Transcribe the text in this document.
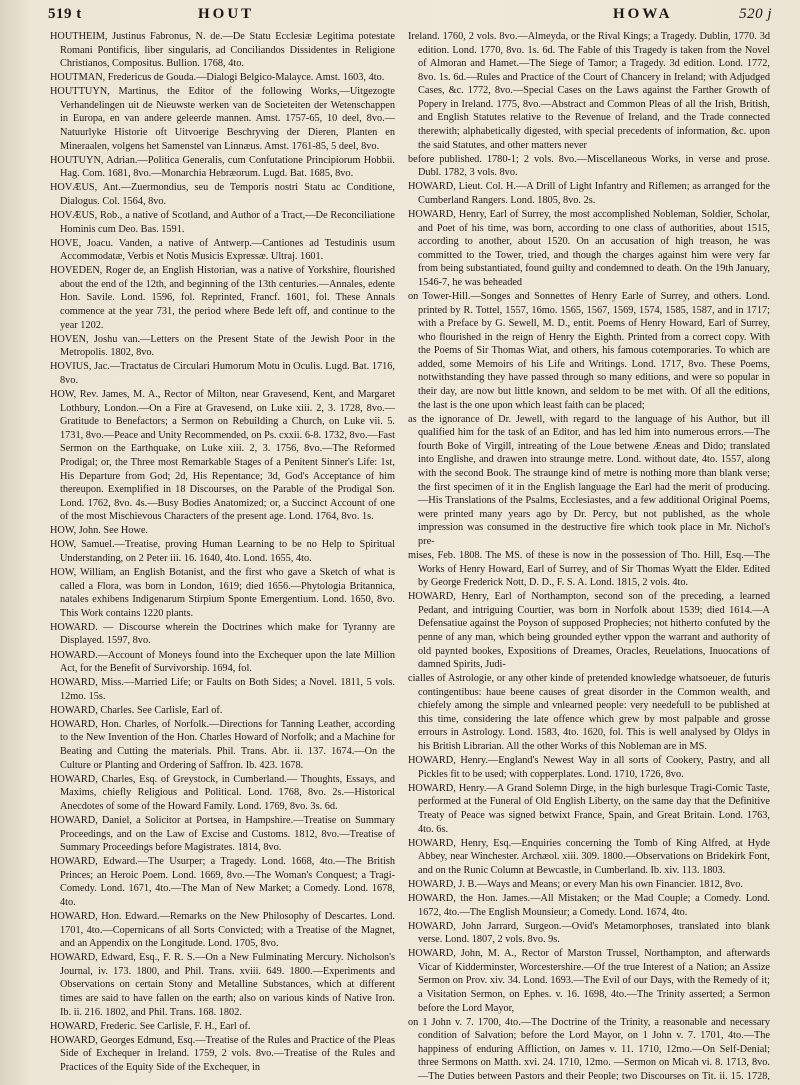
519 t	HOUT	HOWA	520 j

HOUTHEIM, Justinus Fabronus, N. de.—De Statu Ecclesiæ Legitima potestate Romani Pontificis, liber singularis, ad Conciliandos Dissidentes in Religione Christianos, Compositus. Bullion. 1768, 4to.

HOUTMAN, Fredericus de Gouda.—Dialogi Belgico-Malayce. Amst. 1603, 4to.

HOUTTUYN, Martinus, the Editor of the following Works,—Uitgezogte Verhandelingen uit de Nieuwste werken van de Societeiten der Wetenschappen in Europa, en van andere geleerde mannen. Amst. 1757-65, 10 deel, 8vo.—Natuurlyke Historie oft Uitvoerige Beschryving der Dieren, Planten en Mineraalen, volgens het Samenstel van Linnæus. Amst. 1761-85, 5 deel, 8vo.

HOUTUYN, Adrian.—Politica Generalis, cum Confutatione Principiorum Hobbii. Hag. Com. 1681, 8vo.—Monarchia Hebræorum. Lugd. Bat. 1685, 8vo.

HOVÆUS, Ant.—Zuermondius, seu de Temporis nostri Statu ac Conditione, Dialogus. Col. 1564, 8vo.

HOVÆUS, Rob., a native of Scotland, and Author of a Tract,—De Reconciliatione Hominis cum Deo. Bas. 1591.

HOVE, Joacu. Vanden, a native of Antwerp.—Cantiones ad Testudinis usum Accommodatæ, Verbis et Notis Musicis Expressæ. Ultraj. 1601.

HOVEDEN, Roger de, an English Historian, was a native of Yorkshire, flourished about the end of the 12th, and beginning of the 13th centuries.—Annales, edente Hon. Savile. Lond. 1596, fol. Reprinted, Francf. 1601, fol. These Annals commence at the year 731, the period where Bede left off, and continue to the year 1202.

HOVEN, Joshu van.—Letters on the Present State of the Jewish Poor in the Metropolis. 1802, 8vo.

HOVIUS, Jac.—Tractatus de Circulari Humorum Motu in Oculis. Lugd. Bat. 1716, 8vo.

HOW, Rev. James, M. A., Rector of Milton, near Gravesend, Kent, and Margaret Lothbury, London.—On a Fire at Gravesend, on Luke xiii. 2, 3. 1728, 8vo.—Gratitude to Benefactors; a Sermon on Rebuilding a Church, on Luke vii. 5. 1731, 8vo.—Peace and Unity Recommended, on Ps. cxxii. 6-8. 1732, 8vo.—Fast Sermon on the Earthquake, on Luke xiii. 2, 3. 1756, 8vo.—The Reformed Prodigal; or, the Three most Remarkable Stages of a Penitent Sinner's Life: 1st, His Departure from God; 2d, His Repentance; 3d, God's Acceptance of him thereupon. Exemplified in 18 Discourses, on the Parable of the Prodigal Son. Lond. 1762, 8vo. 4s.—Busy Bodies Anatomized; or, a Succinct Account of one of the most Mischievous Characters of the present age. Lond. 1764, 8vo. 1s.

HOW, John. See Howe.

HOW, Samuel.—Treatise, proving Human Learning to be no Help to Spiritual Understanding, on 2 Peter iii. 16. 1640, 4to. Lond. 1655, 4to.

HOW, William, an English Botanist, and the first who gave a Sketch of what is called a Flora, was born in London, 1619; died 1656.—Phytologia Britannica, natales exhibens Indigenarum Stirpium Sponte Emergentium. Lond. 1650, 8vo. This Work contains 1220 plants.

HOWARD. — Discourse wherein the Doctrines which make for Tyranny are Displayed. 1597, 8vo.

HOWARD.—Account of Moneys found into the Exchequer upon the late Million Act, for the Benefit of Survivorship. 1694, fol.

HOWARD, Miss.—Married Life; or Faults on Both Sides; a Novel. 1811, 5 vols. 12mo. 15s.

HOWARD, Charles. See Carlisle, Earl of.

HOWARD, Hon. Charles, of Norfolk.—Directions for Tanning Leather, according to the New Invention of the Hon. Charles Howard of Norfolk; and a Machine for Beating and Cutting the materials. Phil. Trans. Abr. ii. 137. 1674.—On the Culture or Planting and Ordering of Saffron. Ib. 423. 1678.

HOWARD, Charles, Esq. of Greystock, in Cumberland.— Thoughts, Essays, and Maxims, chiefly Religious and Political. Lond. 1768, 8vo. 2s.—Historical Anecdotes of some of the Howard Family. Lond. 1769, 8vo. 3s. 6d.

HOWARD, Daniel, a Solicitor at Portsea, in Hampshire.—Treatise on Summary Proceedings, and on the Law of Excise and Customs. 1812, 8vo.—Treatise of Summary Proceedings before Magistrates. 1814, 8vo.

HOWARD, Edward.—The Usurper; a Tragedy. Lond. 1668, 4to.—The British Princes; an Heroic Poem. Lond. 1669, 8vo.—The Woman's Conquest; a Tragi-Comedy. Lond. 1671, 4to.—The Man of New Market; a Comedy. Lond. 1678, 4to.

HOWARD, Hon. Edward.—Remarks on the New Philosophy of Descartes. Lond. 1701, 4to.—Copernicans of all Sorts Convicted; with a Treatise of the Magnet, and an Appendix on the Longitude. Lond. 1705, 8vo.

HOWARD, Edward, Esq., F. R. S.—On a New Fulminating Mercury. Nicholson's Journal, iv. 173. 1800, and Phil. Trans. xviii. 649. 1800.—Experiments and Observations on certain Stony and Metalline Substances, which at different times are said to have fallen on the earth; also on various kinds of Native Iron. Ib. ii. 216. 1802, and Phil. Trans. 168. 1802.

HOWARD, Frederic. See Carlisle, F. H., Earl of.

HOWARD, Georges Edmund, Esq.—Treatise of the Rules and Practice of the Pleas Side of Exchequer in Ireland. 1759, 2 vols. 8vo.—Treatise of the Rules and Practices of the Equity Side of the Exchequer, in

Ireland. 1760, 2 vols. 8vo.—Almeyda, or the Rival Kings; a Tragedy. Dublin, 1770. 3d edition. Lond. 1770, 8vo. 1s. 6d. The Fable of this Tragedy is taken from the Novel of Almoran and Hamet.—The Siege of Tamor; a Tragedy. 3d edition. Lond. 1772, 8vo. 1s. 6d.—Rules and Practice of the Court of Chancery in Ireland; with Adjudged Cases, &c. 1772, 8vo.—Special Cases on the Laws against the Farther Growth of Popery in Ireland. 1775, 8vo.—Abstract and Common Pleas of all the Irish, British, and English Statutes relative to the Revenue of Ireland, and the Trade connected therewith; alphabetically digested, with special precedents of information, &c. upon the said Statutes, and other matters never

before published. 1780-1; 2 vols. 8vo.—Miscellaneous Works, in verse and prose. Dubl. 1782, 3 vols. 8vo.

HOWARD, Lieut. Col. H.—A Drill of Light Infantry and Riflemen; as arranged for the Cumberland Rangers. Lond. 1805, 8vo. 2s.

HOWARD, Henry, Earl of Surrey, the most accomplished Nobleman, Soldier, Scholar, and Poet of his time, was born, according to one class of authorities, about 1515, according to another, about 1520. On an accusation of high treason, he was committed to the Tower, tried, and though the charges against him were very far from being substantiated, found guilty and condemned to death. On the 19th January, 1546-7, he was beheaded

on Tower-Hill.—Songes and Sonnettes of Henry Earle of Surrey, and others. Lond. printed by R. Tottel, 1557, 16mo. 1565, 1567, 1569, 1574, 1585, 1587, and in 1717; with a Preface by G. Sewell, M. D., entit. Poems of Henry Howard, Earl of Surrey, who flourished in the reign of Henry the Eighth. Printed from a correct copy. With the Poems of Sir Thomas Wiat, and others, his famous cotemporaries. To which are added, some Memoirs of his Life and Writings. Lond. 1717, 8vo. These Poems, notwithstanding they have passed through so many editions, and were so popular in their day, are now but little known, and seldom to be met with. Of all the editions, the last is the one upon which least faith can be placed;

as the ignorance of Dr. Jewell, with regard to the language of his Author, but ill qualified him for the task of an Editor, and has led him into numerous errors.—The fourth Boke of Virgill, intreating of the Loue betwene Æneas and Dido; translated into Englishe, and drawen into straunge metre. Lond. without date, 4to. 1557, along with the second Book. The straunge kind of metre is nothing more than blank verse; the first specimen of it in the English language the Earl had the merit of producing.—His Translations of the Psalms, Ecclesiastes, and a few additional Original Poems, were printed many years ago by Dr. Percy, but not published, as the whole impression was consumed in the destructive fire which took place in Mr. Nichol's pre-

mises, Feb. 1808. The MS. of these is now in the possession of Tho. Hill, Esq.—The Works of Henry Howard, Earl of Surrey, and of Sir Thomas Wyatt the Elder. Edited by George Frederick Nott, D. D., F. S. A. Lond. 1815, 2 vols. 4to.

HOWARD, Henry, Earl of Northampton, second son of the preceding, a learned Pedant, and intriguing Courtier, was born in Norfolk about 1539; died 1614.—A Defensatiue against the Poyson of supposed Prophecies; not hitherto confuted by the penne of any man, which being grounded eyther vppon the warrant and authority of old paynted bookes, Expositions of Dreames, Oracles, Reuelations, Inuocations of damned Spirits, Judi-

cialles of Astrologie, or any other kinde of pretended knowledge whatsoeuer, de futuris contingentibus: haue beene causes of great disorder in the Common wealth, and chiefely among the simple and vnlearned people: very needefull to be published at this time, considering the late offence which grew by most palpable and grosse errours in Astrology. Lond. 1583, 4to. 1620, fol. This is well analysed by Oldys in his British Librarian. All the other Works of this Nobleman are in MS.

HOWARD, Henry.—England's Newest Way in all sorts of Cookery, Pastry, and all Pickles fit to be used; with copperplates. Lond. 1710, 1726, 8vo.

HOWARD, Henry.—A Grand Solemn Dirge, in the high burlesque Tragi-Comic Taste, performed at the Funeral of Old English Liberty, on the same day that the Definitive Treaty of Peace was signed betwixt France, Spain, and Great Britain. Lond. 1763, 4to. 6s.

HOWARD, Henry, Esq.—Enquiries concerning the Tomb of King Alfred, at Hyde Abbey, near Winchester. Archæol. xiii. 309. 1800.—Observations on Bridekirk Font, and on the Runic Column at Bewcastle, in Cumberland. Ib. xiv. 113. 1803.

HOWARD, J. B.—Ways and Means; or every Man his own Financier. 1812, 8vo.

HOWARD, the Hon. James.—All Mistaken; or the Mad Couple; a Comedy. Lond. 1672, 4to.—The English Mounsieur; a Comedy. Lond. 1674, 4to.

HOWARD, John Jarrard, Surgeon.—Ovid's Metamorphoses, translated into blank verse. Lond. 1807, 2 vols. 8vo. 9s.

HOWARD, John, M. A., Rector of Marston Trussel, Northampton, and afterwards Vicar of Kidderminster, Worcestershire.—Of the true Interest of a Nation; an Assize Sermon on Prov. xiv. 34. Lond. 1693.—The Evil of our Days, with the Remedy of it; a Visitation Sermon, on Ephes. v. 16. 1698, 4to.—The Trinity asserted; a Sermon before the Lord Mayor,

on 1 John v. 7. 1700, 4to.—The Doctrine of the Trinity, a reasonable and necessary condition of Salvation; before the Lord Mayor, on 1 John v. 7. 1701, 4to.—The happiness of enduring Affliction, on James v. 11. 1710, 12mo.—On Self-Denial; three Sermons on Matth. xvi. 24. 1710, 12mo. —Sermon on Micah vi. 8. 1713, 8vo.—The Duties between Pastors and their People; two Discourses on Tit. ii. 15. 1728,
